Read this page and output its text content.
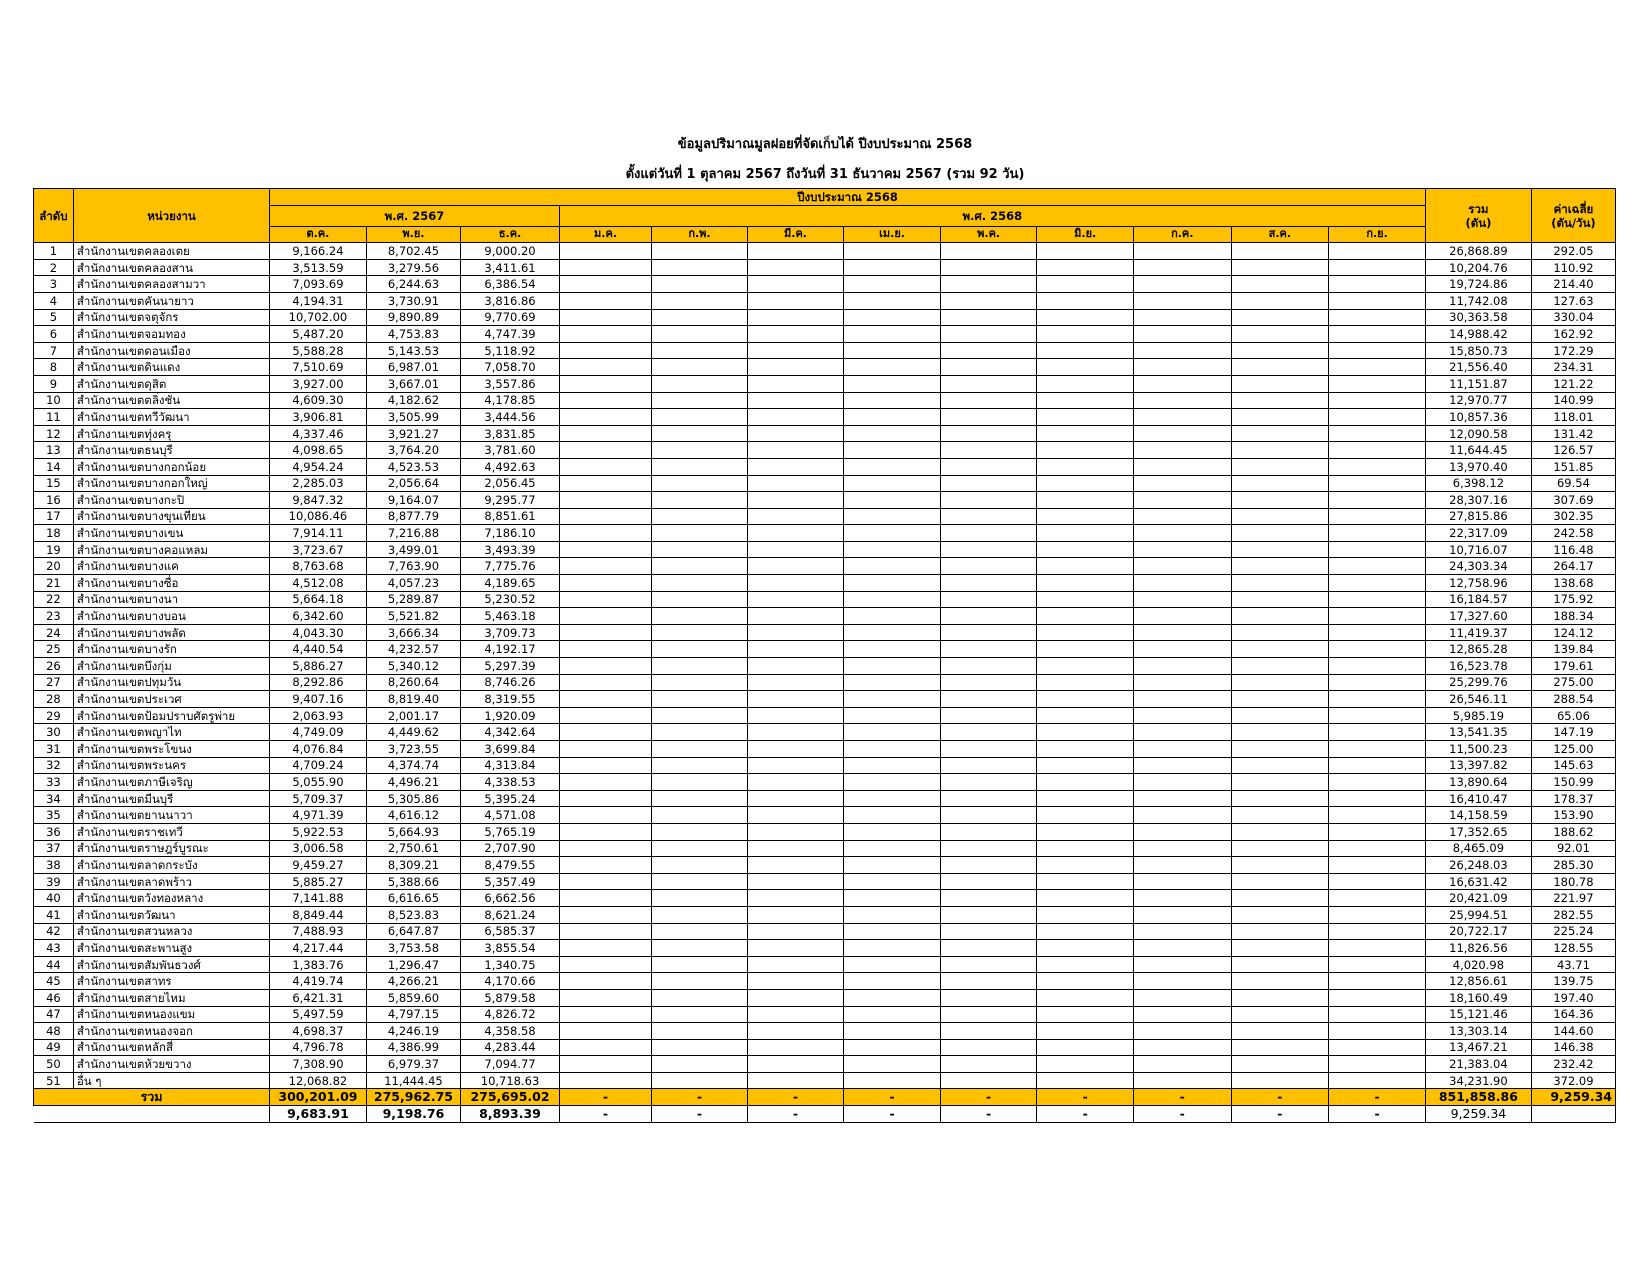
ข้อมูลปริมาณมูลฝอยที่จัดเก็บได้ ปีงบประมาณ 2568
ตั้งแต่วันที่ 1 ตุลาคม 2567 ถึงวันที่ 31 ธันวาคม 2567 (รวม 92 วัน)
ลำดับ	หน่วยงาน	ปีงบประมาณ 2568												รวม
(ตัน)	ค่าเฉลี่ย
(ตัน/วัน)
		พ.ศ. 2567			พ.ศ. 2568										
		ต.ค.	พ.ย.	ธ.ค.	ม.ค.	ก.พ.	มี.ค.	เม.ย.	พ.ค.	มิ.ย.	ก.ค.	ส.ค.	ก.ย.		
1	สำนักงานเขตคลองเตย	9,166.24	8,702.45	9,000.20										26,868.89	292.05
2	สำนักงานเขตคลองสาน	3,513.59	3,279.56	3,411.61										10,204.76	110.92
3	สำนักงานเขตคลองสามวา	7,093.69	6,244.63	6,386.54										19,724.86	214.40
4	สำนักงานเขตคันนายาว	4,194.31	3,730.91	3,816.86										11,742.08	127.63
5	สำนักงานเขตจตุจักร	10,702.00	9,890.89	9,770.69										30,363.58	330.04
6	สำนักงานเขตจอมทอง	5,487.20	4,753.83	4,747.39										14,988.42	162.92
7	สำนักงานเขตดอนเมือง	5,588.28	5,143.53	5,118.92										15,850.73	172.29
8	สำนักงานเขตดินแดง	7,510.69	6,987.01	7,058.70										21,556.40	234.31
9	สำนักงานเขตดุสิต	3,927.00	3,667.01	3,557.86										11,151.87	121.22
10	สำนักงานเขตตลิ่งชัน	4,609.30	4,182.62	4,178.85										12,970.77	140.99
11	สำนักงานเขตทวีวัฒนา	3,906.81	3,505.99	3,444.56										10,857.36	118.01
12	สำนักงานเขตทุ่งครุ	4,337.46	3,921.27	3,831.85										12,090.58	131.42
13	สำนักงานเขตธนบุรี	4,098.65	3,764.20	3,781.60										11,644.45	126.57
14	สำนักงานเขตบางกอกน้อย	4,954.24	4,523.53	4,492.63										13,970.40	151.85
15	สำนักงานเขตบางกอกใหญ่	2,285.03	2,056.64	2,056.45										6,398.12	69.54
16	สำนักงานเขตบางกะปิ	9,847.32	9,164.07	9,295.77										28,307.16	307.69
17	สำนักงานเขตบางขุนเทียน	10,086.46	8,877.79	8,851.61										27,815.86	302.35
18	สำนักงานเขตบางเขน	7,914.11	7,216.88	7,186.10										22,317.09	242.58
19	สำนักงานเขตบางคอแหลม	3,723.67	3,499.01	3,493.39										10,716.07	116.48
20	สำนักงานเขตบางแค	8,763.68	7,763.90	7,775.76										24,303.34	264.17
21	สำนักงานเขตบางซื่อ	4,512.08	4,057.23	4,189.65										12,758.96	138.68
22	สำนักงานเขตบางนา	5,664.18	5,289.87	5,230.52										16,184.57	175.92
23	สำนักงานเขตบางบอน	6,342.60	5,521.82	5,463.18										17,327.60	188.34
24	สำนักงานเขตบางพลัด	4,043.30	3,666.34	3,709.73										11,419.37	124.12
25	สำนักงานเขตบางรัก	4,440.54	4,232.57	4,192.17										12,865.28	139.84
26	สำนักงานเขตบึงกุ่ม	5,886.27	5,340.12	5,297.39										16,523.78	179.61
27	สำนักงานเขตปทุมวัน	8,292.86	8,260.64	8,746.26										25,299.76	275.00
28	สำนักงานเขตประเวศ	9,407.16	8,819.40	8,319.55										26,546.11	288.54
29	สำนักงานเขตป้อมปราบศัตรูพ่าย	2,063.93	2,001.17	1,920.09										5,985.19	65.06
30	สำนักงานเขตพญาไท	4,749.09	4,449.62	4,342.64										13,541.35	147.19
31	สำนักงานเขตพระโขนง	4,076.84	3,723.55	3,699.84										11,500.23	125.00
32	สำนักงานเขตพระนคร	4,709.24	4,374.74	4,313.84										13,397.82	145.63
33	สำนักงานเขตภาษีเจริญ	5,055.90	4,496.21	4,338.53										13,890.64	150.99
34	สำนักงานเขตมีนบุรี	5,709.37	5,305.86	5,395.24										16,410.47	178.37
35	สำนักงานเขตยานนาวา	4,971.39	4,616.12	4,571.08										14,158.59	153.90
36	สำนักงานเขตราชเทวี	5,922.53	5,664.93	5,765.19										17,352.65	188.62
37	สำนักงานเขตราษฎร์บูรณะ	3,006.58	2,750.61	2,707.90										8,465.09	92.01
38	สำนักงานเขตลาดกระบัง	9,459.27	8,309.21	8,479.55										26,248.03	285.30
39	สำนักงานเขตลาดพร้าว	5,885.27	5,388.66	5,357.49										16,631.42	180.78
40	สำนักงานเขตวังทองหลาง	7,141.88	6,616.65	6,662.56										20,421.09	221.97
41	สำนักงานเขตวัฒนา	8,849.44	8,523.83	8,621.24										25,994.51	282.55
42	สำนักงานเขตสวนหลวง	7,488.93	6,647.87	6,585.37										20,722.17	225.24
43	สำนักงานเขตสะพานสูง	4,217.44	3,753.58	3,855.54										11,826.56	128.55
44	สำนักงานเขตสัมพันธวงศ์	1,383.76	1,296.47	1,340.75										4,020.98	43.71
45	สำนักงานเขตสาทร	4,419.74	4,266.21	4,170.66										12,856.61	139.75
46	สำนักงานเขตสายไหม	6,421.31	5,859.60	5,879.58										18,160.49	197.40
47	สำนักงานเขตหนองแขม	5,497.59	4,797.15	4,826.72										15,121.46	164.36
48	สำนักงานเขตหนองจอก	4,698.37	4,246.19	4,358.58										13,303.14	144.60
49	สำนักงานเขตหลักสี่	4,796.78	4,386.99	4,283.44										13,467.21	146.38
50	สำนักงานเขตห้วยขวาง	7,308.90	6,979.37	7,094.77										21,383.04	232.42
51	อื่น ๆ	12,068.82	11,444.45	10,718.63										34,231.90	372.09
รวม		300,201.09	275,962.75	275,695.02	-	-	-	-	-	-	-	-	-	851,858.86	9,259.34
		9,683.91	9,198.76	8,893.39	-	-	-	-	-	-	-	-	-	9,259.34	
